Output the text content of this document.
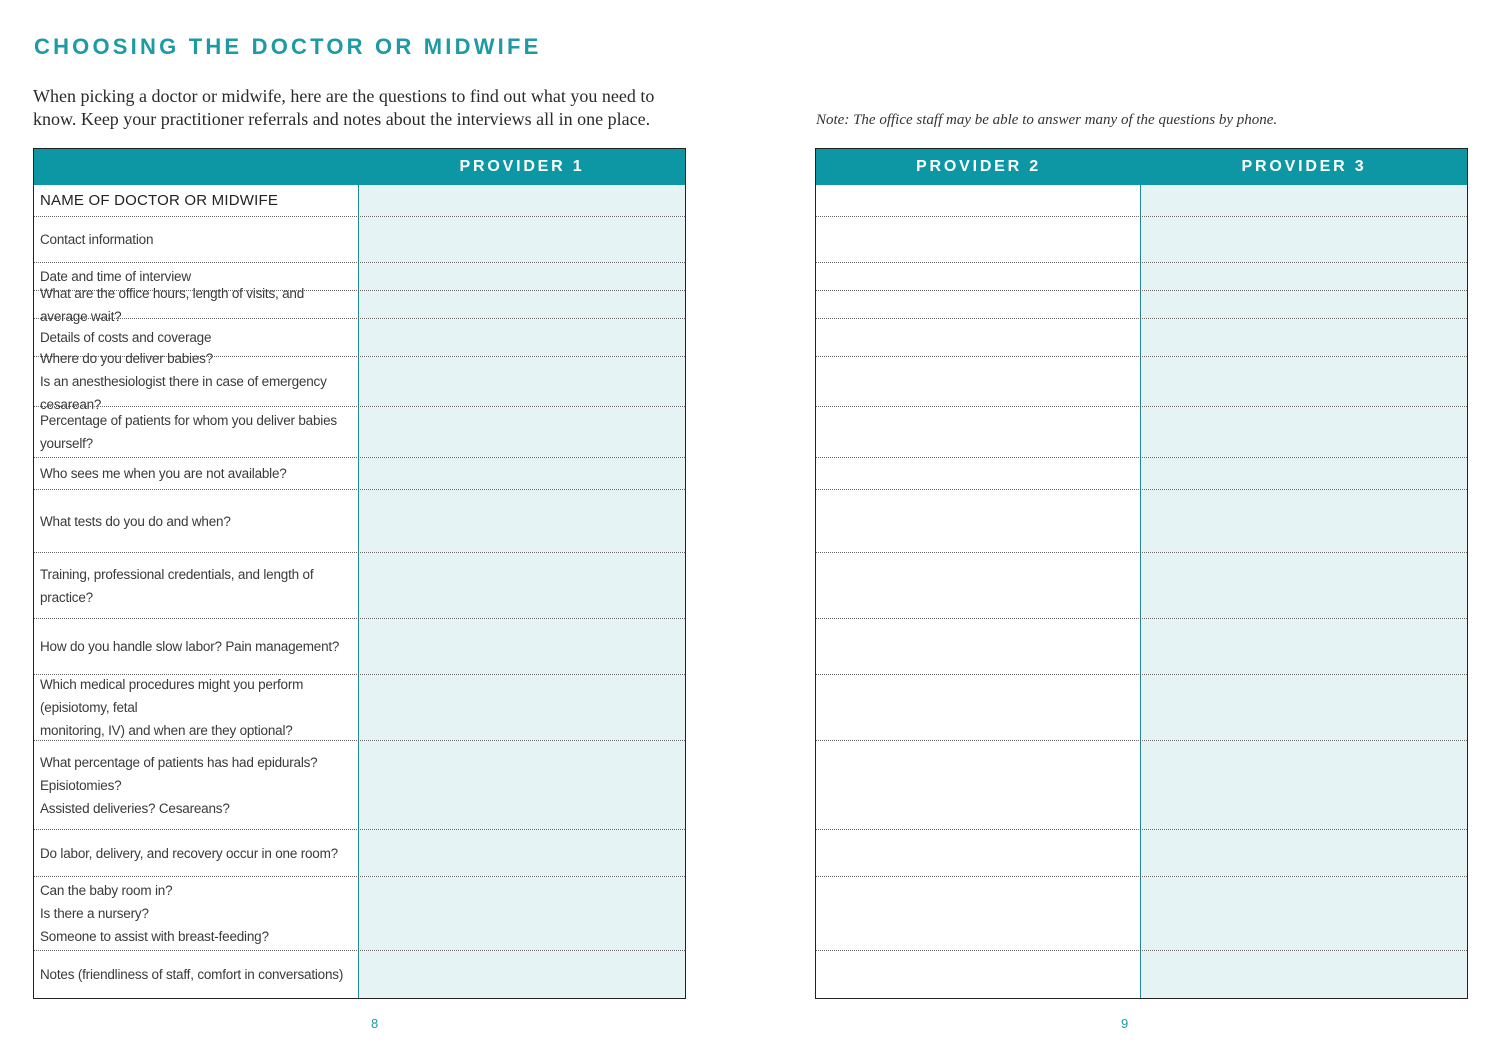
CHOOSING THE DOCTOR OR MIDWIFE

When picking a doctor or midwife, here are the questions to find out what you need to know. Keep your practitioner referrals and notes about the interviews all in one place.	Note: The office staff may be able to answer many of the questions by phone.

PROVIDER 1
NAME OF DOCTOR OR MIDWIFE
Contact information
Date and time of interview
What are the office hours, length of visits, and average wait?
Details of costs and coverage
Where do you deliver babies?
Is an anesthesiologist there in case of emergency cesarean?
Percentage of patients for whom you deliver babies yourself?
Who sees me when you are not available?
What tests do you do and when?
Training, professional credentials, and length of practice?
How do you handle slow labor? Pain management?
Which medical procedures might you perform (episiotomy, fetal
monitoring, IV) and when are they optional?
What percentage of patients has had epidurals? Episiotomies?
Assisted deliveries? Cesareans?
Do labor, delivery, and recovery occur in one room?
Can the baby room in?
Is there a nursery?
Someone to assist with breast-feeding?
Notes (friendliness of staff, comfort in conversations)
PROVIDER 2	PROVIDER 3
8	9
